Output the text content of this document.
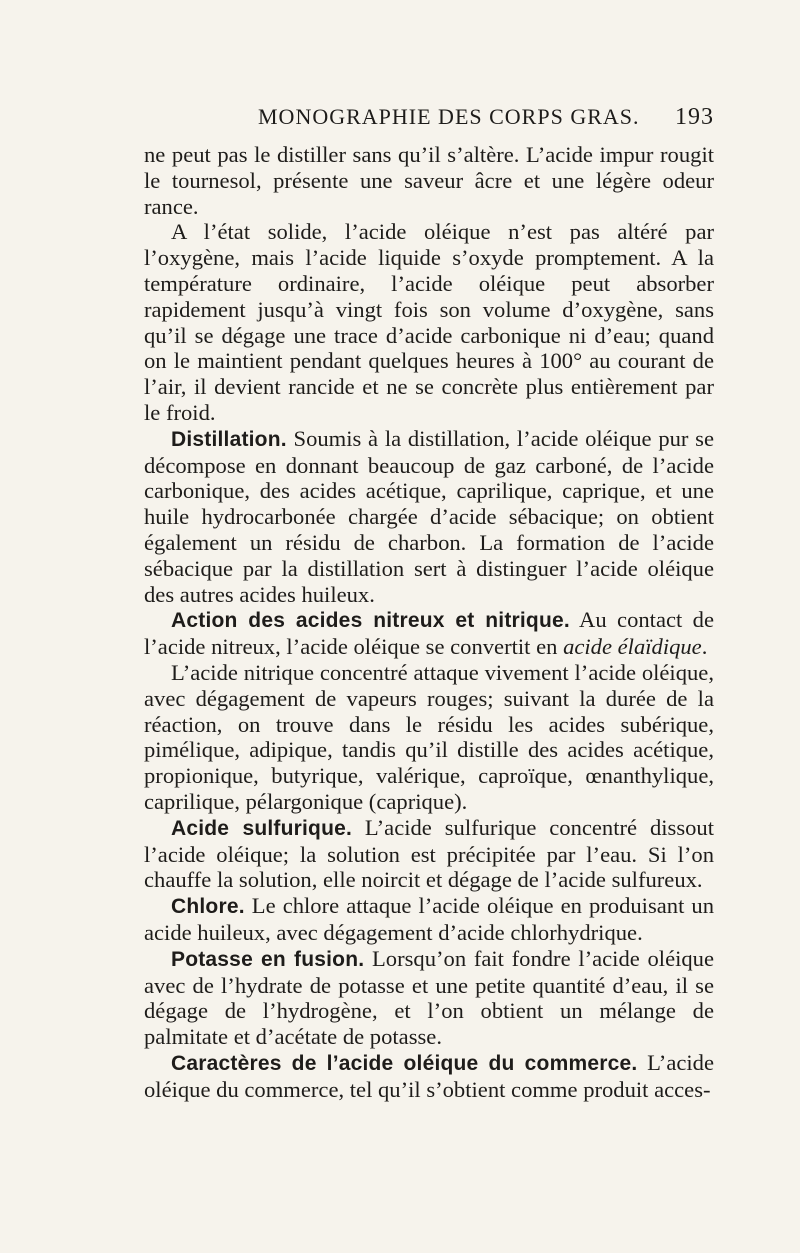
MONOGRAPHIE DES CORPS GRAS. 193

ne peut pas le distiller sans qu’il s’altère. L’acide impur rougit le tournesol, présente une saveur âcre et une légère odeur rance.

A l’état solide, l’acide oléique n’est pas altéré par l’oxygène, mais l’acide liquide s’oxyde promptement. A la température ordinaire, l’acide oléique peut absorber rapidement jusqu’à vingt fois son volume d’oxygène, sans qu’il se dégage une trace d’acide carbonique ni d’eau; quand on le maintient pendant quelques heures à 100° au courant de l’air, il devient rancide et ne se concrète plus entièrement par le froid.

Distillation. Soumis à la distillation, l’acide oléique pur se décompose en donnant beaucoup de gaz carboné, de l’acide carbonique, des acides acétique, caprilique, caprique, et une huile hydrocarbonée chargée d’acide sébacique; on obtient également un résidu de charbon. La formation de l’acide sébacique par la distillation sert à distinguer l’acide oléique des autres acides huileux.

Action des acides nitreux et nitrique. Au contact de l’acide nitreux, l’acide oléique se convertit en acide élaïdique.

L’acide nitrique concentré attaque vivement l’acide oléique, avec dégagement de vapeurs rouges; suivant la durée de la réaction, on trouve dans le résidu les acides subérique, pimélique, adipique, tandis qu’il distille des acides acétique, propionique, butyrique, valérique, caproïque, œnanthylique, caprilique, pélargonique (caprique).

Acide sulfurique. L’acide sulfurique concentré dissout l’acide oléique; la solution est précipitée par l’eau. Si l’on chauffe la solution, elle noircit et dégage de l’acide sulfureux.

Chlore. Le chlore attaque l’acide oléique en produisant un acide huileux, avec dégagement d’acide chlorhydrique.

Potasse en fusion. Lorsqu’on fait fondre l’acide oléique avec de l’hydrate de potasse et une petite quantité d’eau, il se dégage de l’hydrogène, et l’on obtient un mélange de palmitate et d’acétate de potasse.

Caractères de l’acide oléique du commerce. L’acide oléique du commerce, tel qu’il s’obtient comme produit acces-
